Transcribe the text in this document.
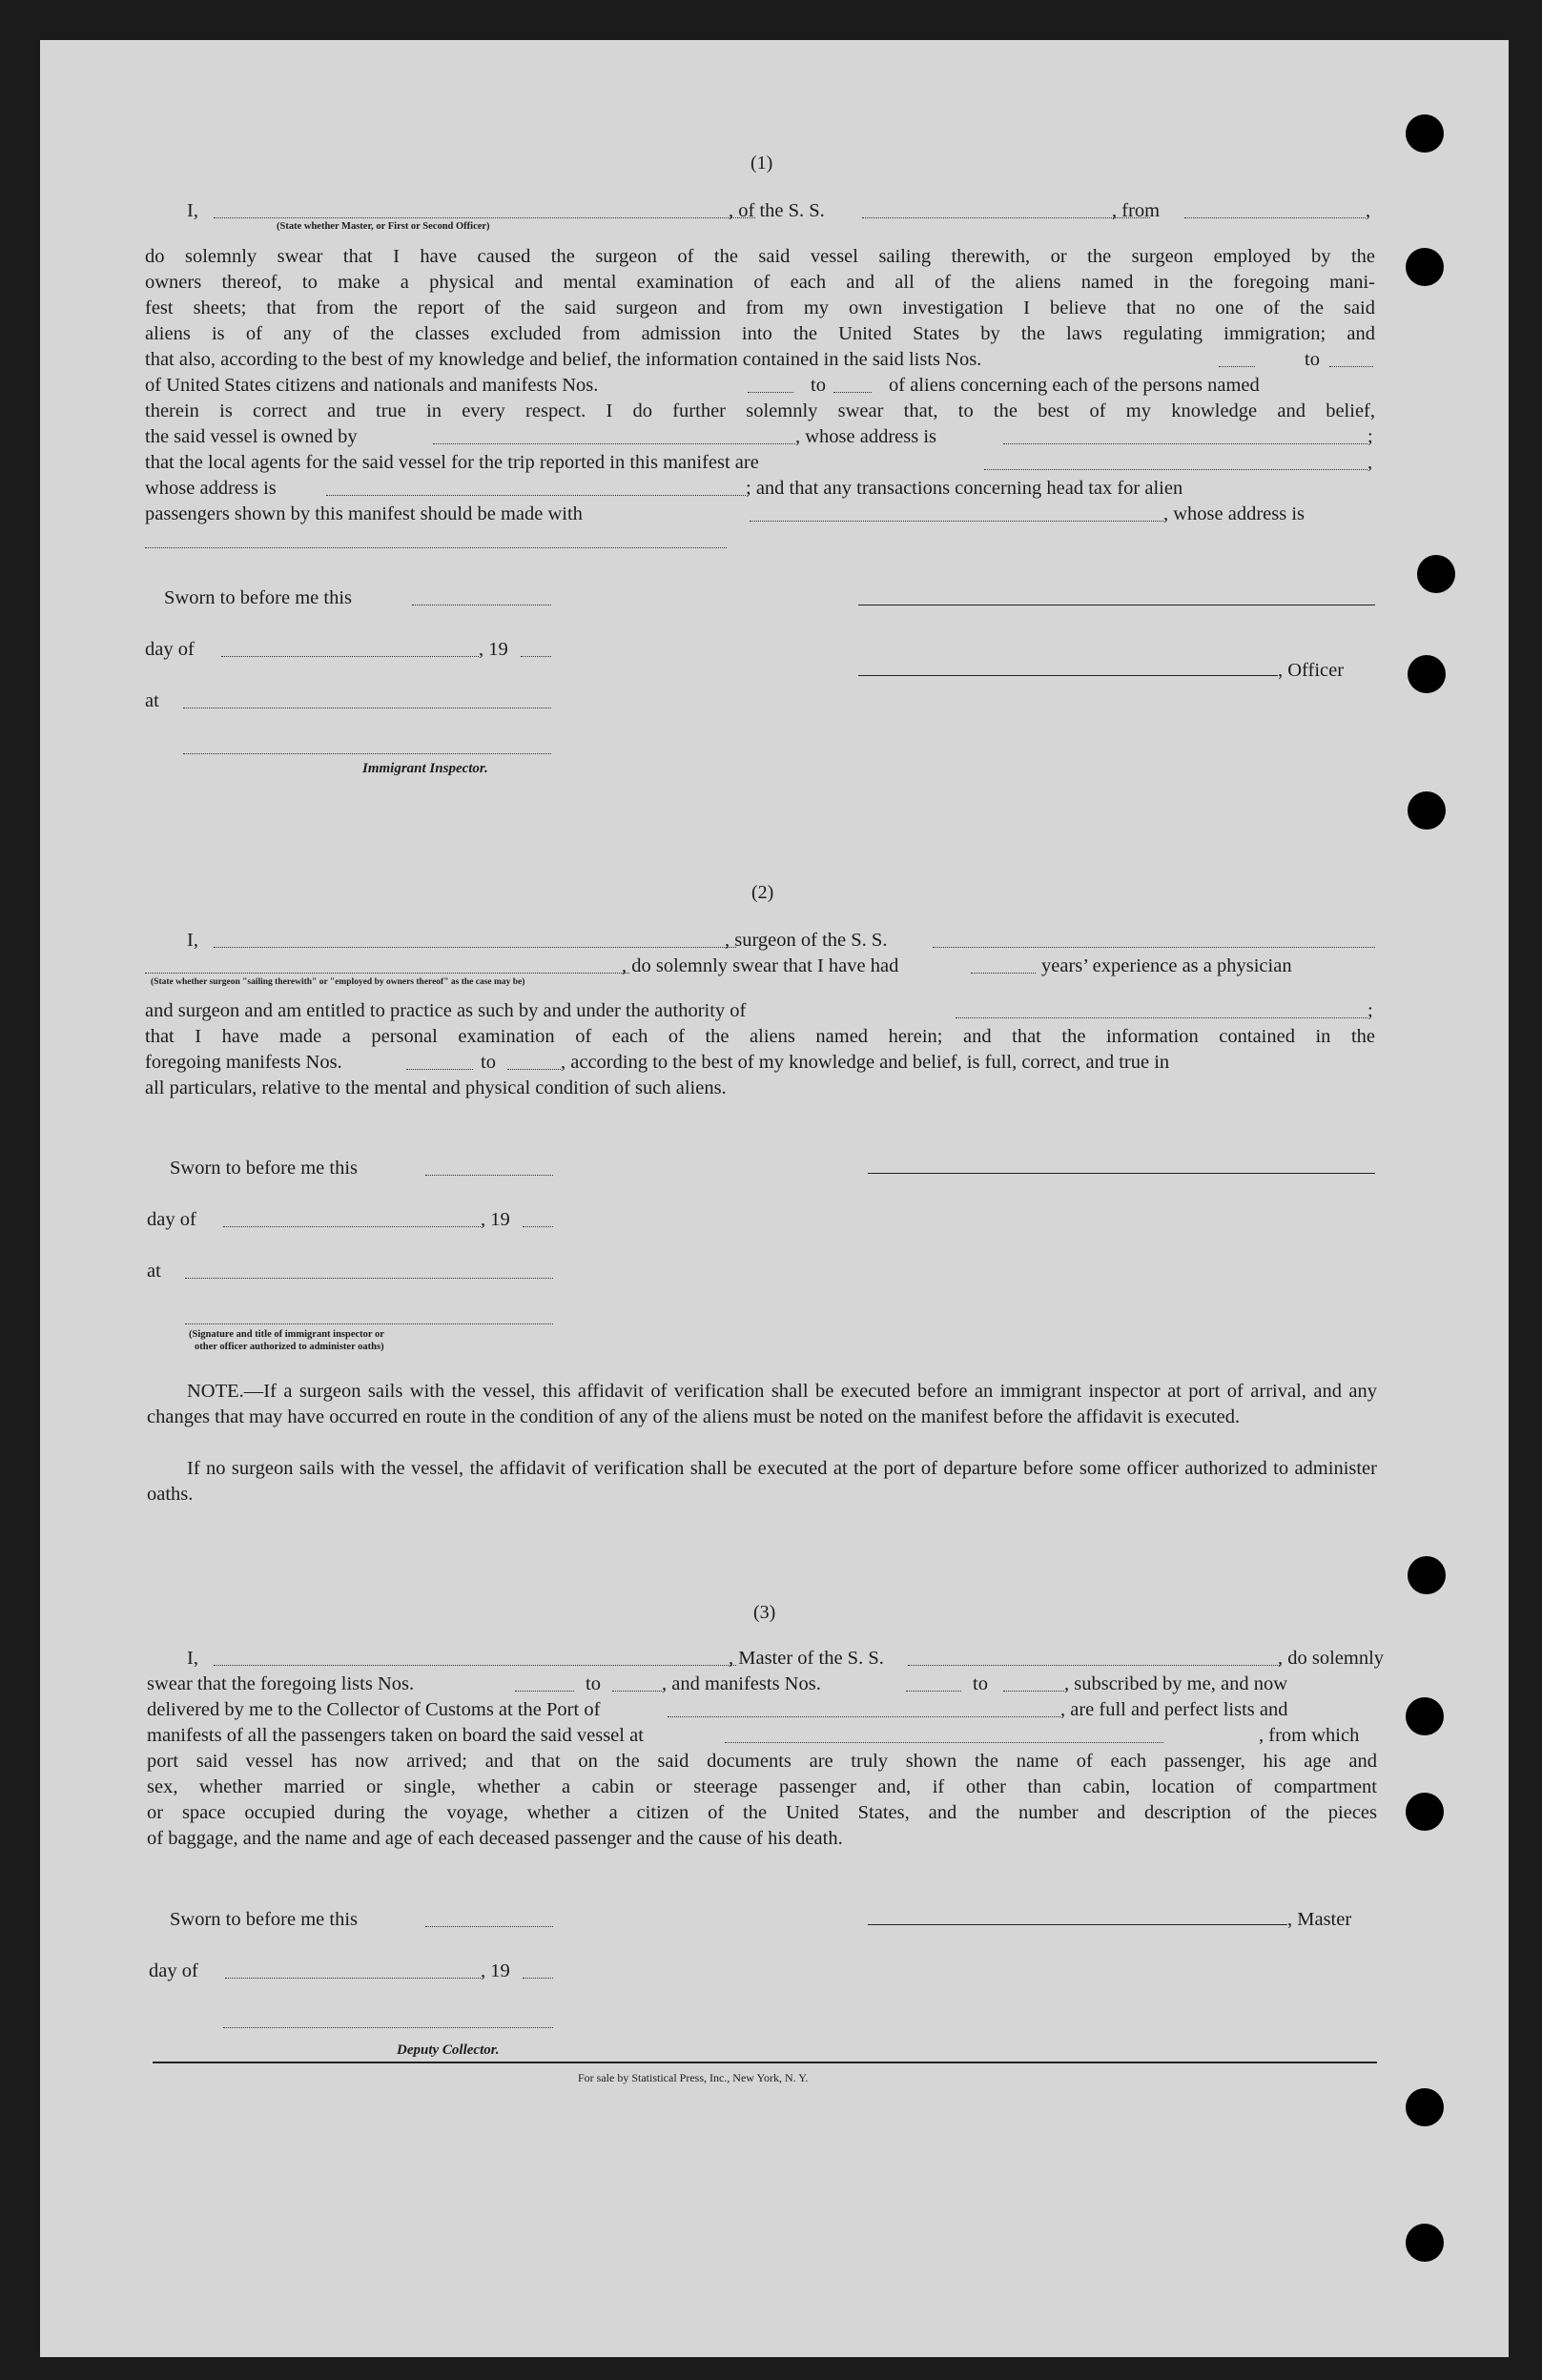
(1)
I,	, of the S. S.	, from	,
(State whether Master, or First or Second Officer)
do solemnly swear that I have caused the surgeon of the said vessel sailing therewith, or the surgeon employed by the
owners thereof, to make a physical and mental examination of each and all of the aliens named in the foregoing mani-
fest sheets; that from the report of the said surgeon and from my own investigation I believe that no one of the said
aliens is of any of the classes excluded from admission into the United States by the laws regulating immigration; and
that also, according to the best of my knowledge and belief, the information contained in the said lists Nos.	to
of United States citizens and nationals and manifests Nos.	to	of aliens concerning each of the persons named
therein is correct and true in every respect. I do further solemnly swear that, to the best of my knowledge and belief,
the said vessel is owned by	, whose address is	;
that the local agents for the said vessel for the trip reported in this manifest are	,
whose address is	; and that any transactions concerning head tax for alien
passengers shown by this manifest should be made with	, whose address is
Sworn to before me this
day of	, 19
, Officer
at
Immigrant Inspector.
(2)
I,	, surgeon of the S. S.
, do solemnly swear that I have had	years’ experience as a physician
(State whether surgeon "sailing therewith" or "employed by owners thereof" as the case may be)
and surgeon and am entitled to practice as such by and under the authority of	;
that I have made a personal examination of each of the aliens named herein; and that the information contained in the
foregoing manifests Nos.	to	, according to the best of my knowledge and belief, is full, correct, and true in
all particulars, relative to the mental and physical condition of such aliens.
Sworn to before me this
day of	, 19
at
(Signature and title of immigrant inspector or
other officer authorized to administer oaths)
NOTE.—If a surgeon sails with the vessel, this affidavit of verification shall be executed before an immigrant inspector at port of arrival, and any changes that may have occurred en route in the condition of any of the aliens must be noted on the manifest before the affidavit is executed.
If no surgeon sails with the vessel, the affidavit of verification shall be executed at the port of departure before some officer authorized to administer oaths.
(3)
I,	, Master of the S. S.	, do solemnly
swear that the foregoing lists Nos.	to	, and manifests Nos.	to	, subscribed by me, and now
delivered by me to the Collector of Customs at the Port of	, are full and perfect lists and
manifests of all the passengers taken on board the said vessel at	, from which
port said vessel has now arrived; and that on the said documents are truly shown the name of each passenger, his age and
sex, whether married or single, whether a cabin or steerage passenger and, if other than cabin, location of compartment
or space occupied during the voyage, whether a citizen of the United States, and the number and description of the pieces
of baggage, and the name and age of each deceased passenger and the cause of his death.
Sworn to before me this	, Master
day of	, 19
Deputy Collector.
For sale by Statistical Press, Inc., New York, N. Y.
